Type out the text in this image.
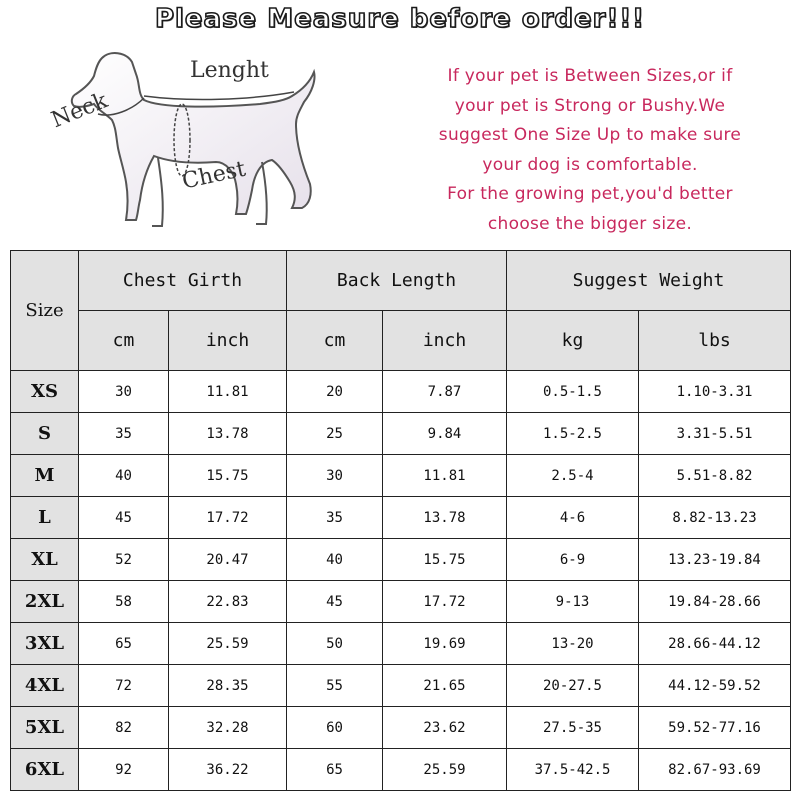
Please Measure before order!!!
Lenght
Neck
Chest
If your pet is Between Sizes,or if
your pet is Strong or Bushy.We
suggest One Size Up to make sure
your dog is comfortable.
For the growing pet,you'd better
choose the bigger size.
Size	Chest Girth		Back Length		Suggest Weight	
	cm	inch	cm	inch	kg	lbs
XS	30	11.81	20	7.87	0.5-1.5	1.10-3.31
S	35	13.78	25	9.84	1.5-2.5	3.31-5.51
M	40	15.75	30	11.81	2.5-4	5.51-8.82
L	45	17.72	35	13.78	4-6	8.82-13.23
XL	52	20.47	40	15.75	6-9	13.23-19.84
2XL	58	22.83	45	17.72	9-13	19.84-28.66
3XL	65	25.59	50	19.69	13-20	28.66-44.12
4XL	72	28.35	55	21.65	20-27.5	44.12-59.52
5XL	82	32.28	60	23.62	27.5-35	59.52-77.16
6XL	92	36.22	65	25.59	37.5-42.5	82.67-93.69
